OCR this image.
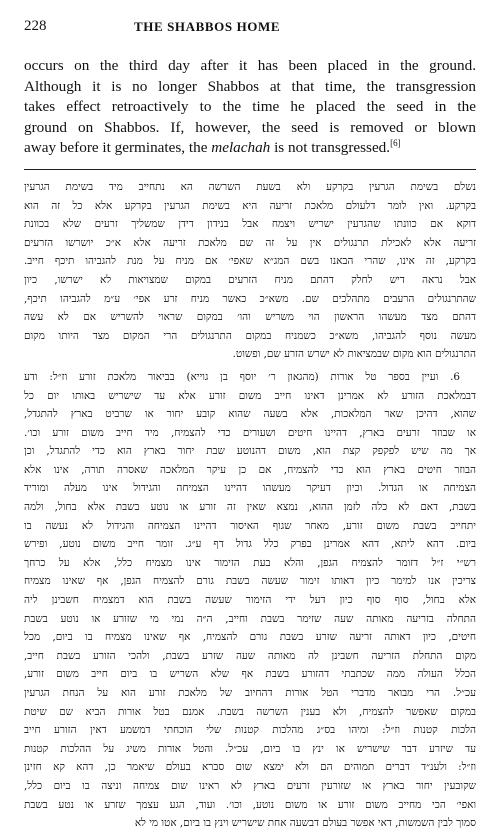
228	THE SHABBOS HOME
occurs on the third day after it has been placed in the ground.
Although it is no longer Shabbos at that time, the transgression
takes effect retroactively to the time he placed the seed in the
ground on Shabbos. If, however, the seed is removed or blown
away before it germinates, the melachah is not transgressed.[6]
נשלם בשימת הגרעין בקרקע ולא בשעת השרשה הא נתחייב מיד בשימת הגרעין
בקרקע. ואין לומר דלעולם מלאכת זריעה היא בשימת הגרעין בקרקע אלא כל זה הוא
דוקא אם כוונתו שהגרעין ישריש ויצמח אבל בנידון דידן שמשליך זרעים שלא בכוונת
זריעה אלא לאכילת תרנגולים אין על זה שם מלאכת זריעה אלא א״כ יושרשו הזרעים
בקרקע, זה אינו, שהרי הבאנו בשם המג״א שאפי׳ אם מניח על מנת להגביהו תיכף חייב.
אבל נראה דיש לחלק דהתם מניח הזרעים במקום שמצויאות לא ישרשו, כיון
שהתרנגולים הרעבים מתהלכים שם. משא״כ כאשר מניח זרע אפי׳ ע״מ להגביהו תיכף,
דהתם מצד מעשהו הראשון הוי משריש והו׳ במקום שראוי להשריש אם לא עשה
מעשה נוסף להגביהו, משא״כ כשמניח במקום התרנגולים הרי המקום מצד היותו מקום
התרנגולים הוא מקום שבמציאות לא ישרש הזרע שם, ופשוט.
6. ועיין בספר טל אורות (מהגאון ר׳ יוסף בן גוייא) בביאור מלאכת זורע וז״ל: ודע
דבמלאכת הזורע לא אמרינן דאינו חייב משום זורע אלא עד שישריש באותו יום כל
שהוא, דהיכן שאר המלאכות, אלא בשעה שהוא קובע יחור או שרביט בארץ להתגדל,
או שבוזר זרעים בארץ, דהיינו חיטים ושעורים כדי להצמיח, מיד חייב משום זורע וכו׳.
אך מה שיש לפקפק קצת הוא, משום דהנוטע שבת יחור בארץ הוא כדי להתגדל, וכן
הבוזר חיטים בארץ הוא כדי להצמיח, אם כן עיקר המלאכה שאסרה תורה, אינו אלא
הצמיחה או הגדול. וכיון דעיקר מעשהו דהיינו הצמיחה והגידול אינו מעלה ומוריד
בשבת, דאם לא כלה לזמן ההוא, נמצא שאין זה זורע או נוטע בשבת אלא בחול, ולמה
יתחייב בשבת משום זורע, מאחר שגוף האיסור דהיינו הצמיחה והגידול לא נעשה בו
ביום. דהא ליתא, דהא אמרינן בפרק כלל גדול דף ע״ג. זומר חייב משום נוטע, ופירש
רש״י ז״ל דזומר להצמיח הגפן, והלא בעת הזימור אינו מצמיח כלל, אלא על כרחך
צריכין אנו למימר כיון דאותו זימור שעשה בשבת גורם להצמיח הגפן, אף שאינו מצמיח
אלא בחול, סוף סוף כיון דעל ידי הזימור שעשה בשבת הוא דמצמיח חשבינן ליה
התחלה בזריעה מאותה שעה שזימר בשבת וחייב, ה״ה נמי מי שזורע או נוטע בשבת
חיטים, כיון דאותה זריעה שזרע בשבת גורם להצמיח, אף שאינו מצמיח בו ביום, מכל
מקום התחלת הזריעה חשבינן לה מאותה שעה שזרע בשבת, ולהכי הזורע בשבת חייב,
הכלל העולה ממה שכתבתי דהזורע בשבת אף שלא השריש בו ביום חייב משום זורע,
עכ״ל. הרי מבואר מדברי הטל אורות דהחיוב של מלאכת זורע הוא על הנחת הגרעין
במקום שאפשר להצמיח, ולא בענין השרשה בשבת. אמנם בטל אורות הביא שם שיטת
הלכות קטנות וז״ל: ומיהו בס״ג מהלכות קטנות שלי הוכחתי דמשמע דאין הזורע חייב
עד שיזרע דבר שישריש או ינץ בו ביום, עכ״ל. והטל אורות משיג על ההלכות קטנות
וז״ל: ולענ״ד דברים תמוהים הם ולא ימצא שום סברא בעולם שיאמר כן, דהא קא חזינן
שקובעין יחור בארץ או שזורעין זרעים בארץ לא ראינו שום צמיחה וניצה בו ביום כלל,
ואפי׳ הכי מחייב משום זורע או משום נוטע, וכו׳. ועוד, הגע עצמך שזרע או נטע בשבת
סמוך לבין השמשות, דאי אפשר בעולם דבשעה אחת שישריש וינץ בו ביום, אטו מי לא
